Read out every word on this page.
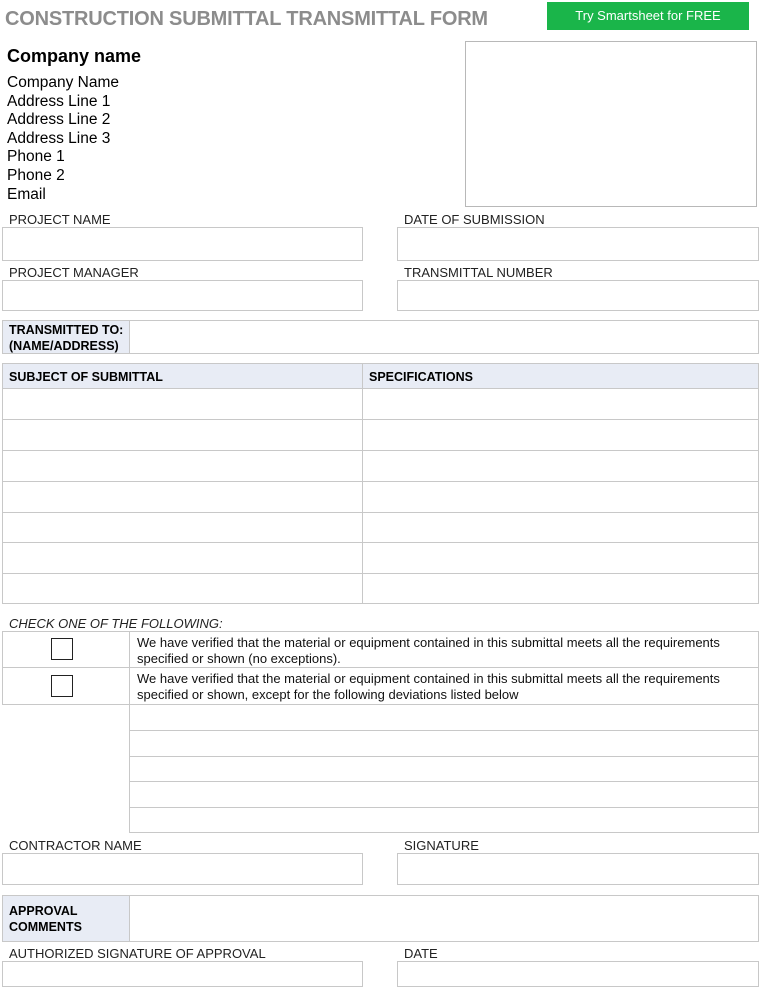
CONSTRUCTION SUBMITTAL TRANSMITTAL FORM	Try Smartsheet for FREE
Company name
Company Name
Address Line 1
Address Line 2
Address Line 3
Phone 1
Phone 2
Email
PROJECT NAME	DATE OF SUBMISSION
PROJECT MANAGER	TRANSMITTAL NUMBER
TRANSMITTED TO:
(NAME/ADDRESS)
SUBJECT OF SUBMITTAL	SPECIFICATIONS
CHECK ONE OF THE FOLLOWING:
We have verified that the material or equipment contained in this submittal meets all the requirements specified or shown (no exceptions).
We have verified that the material or equipment contained in this submittal meets all the requirements specified or shown, except for the following deviations listed below
CONTRACTOR NAME	SIGNATURE
APPROVAL
COMMENTS
AUTHORIZED SIGNATURE OF APPROVAL	DATE
